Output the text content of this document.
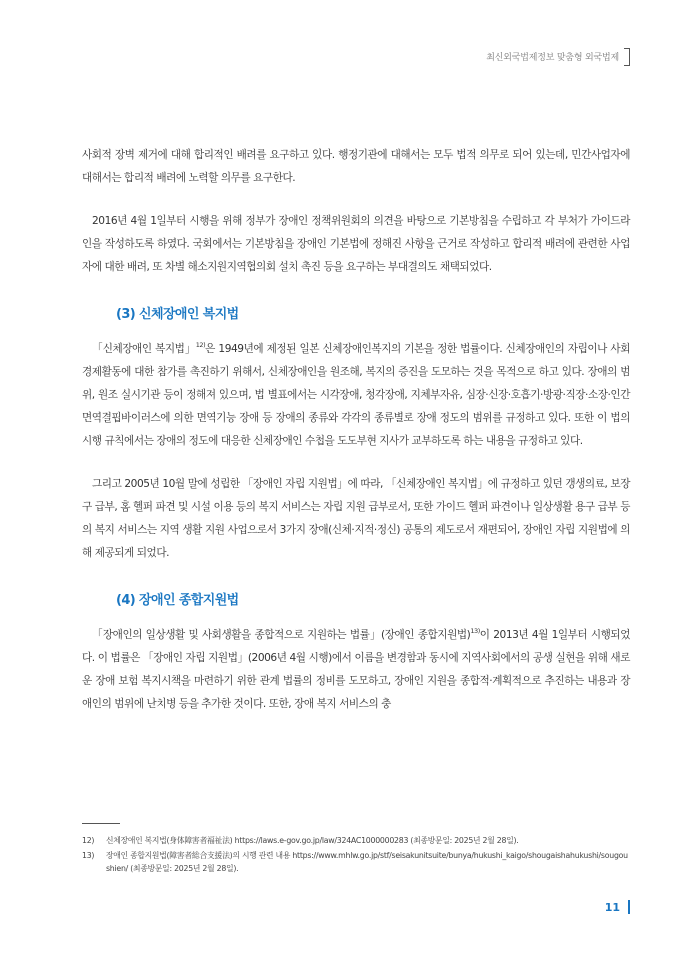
최신외국법제정보 맞춤형 외국법제

사회적 장벽 제거에 대해 합리적인 배려를 요구하고 있다. 행정기관에 대해서는 모두 법적 의무로 되어 있는데, 민간사업자에 대해서는 합리적 배려에 노력할 의무를 요구한다.

2016년 4월 1일부터 시행을 위해 정부가 장애인 정책위원회의 의견을 바탕으로 기본방침을 수립하고 각 부처가 가이드라인을 작성하도록 하였다. 국회에서는 기본방침을 장애인 기본법에 정해진 사항을 근거로 작성하고 합리적 배려에 관련한 사업자에 대한 배려, 또 차별 해소지원지역협의회 설치 촉진 등을 요구하는 부대결의도 채택되었다.

(3) 신체장애인 복지법

「신체장애인 복지법」$^{12)}$은 1949년에 제정된 일본 신체장애인복지의 기본을 정한 법률이다. 신체장애인의 자립이나 사회 경제활동에 대한 참가를 촉진하기 위해서, 신체장애인을 원조해, 복지의 증진을 도모하는 것을 목적으로 하고 있다. 장애의 범위, 원조 실시기관 등이 정해져 있으며, 법 별표에서는 시각장애, 청각장애, 지체부자유, 심장·신장·호흡기·방광·직장·소장·인간면역결핍바이러스에 의한 면역기능 장애 등 장애의 종류와 각각의 종류별로 장애 정도의 범위를 규정하고 있다. 또한 이 법의 시행 규칙에서는 장애의 정도에 대응한 신체장애인 수첩을 도도부현 지사가 교부하도록 하는 내용을 규정하고 있다.

그리고 2005년 10월 말에 성립한 「장애인 자립 지원법」에 따라, 「신체장애인 복지법」에 규정하고 있던 갱생의료, 보장구 급부, 홈 헬퍼 파견 및 시설 이용 등의 복지 서비스는 자립 지원 급부로서, 또한 가이드 헬퍼 파견이나 일상생활 용구 급부 등의 복지 서비스는 지역 생활 지원 사업으로서 3가지 장애(신체·지적·정신) 공통의 제도로서 재편되어, 장애인 자립 지원법에 의해 제공되게 되었다.

(4) 장애인 종합지원법

「장애인의 일상생활 및 사회생활을 종합적으로 지원하는 법률」(장애인 종합지원법)$^{13)}$이 2013년 4월 1일부터 시행되었다. 이 법률은 「장애인 자립 지원법」(2006년 4월 시행)에서 이름을 변경함과 동시에 지역사회에서의 공생 실현을 위해 새로운 장애 보험 복지시책을 마련하기 위한 관계 법률의 정비를 도모하고, 장애인 지원을 종합적·계획적으로 추진하는 내용과 장애인의 범위에 난치병 등을 추가한 것이다. 또한, 장애 복지 서비스의 충

12)	신체장애인 복지법(身体障害者福祉法) https://laws.e-gov.go.jp/law/324AC1000000283 (최종방문일: 2025년 2월 28일).
13)	장애인 종합지원법(障害者総合支援法)의 시행 관련 내용 https://www.mhlw.go.jp/stf/seisakunitsuite/bunya/hukushi_kaigo/shougaishahukushi/sougoushien/ (최종방문일: 2025년 2월 28일).
11
